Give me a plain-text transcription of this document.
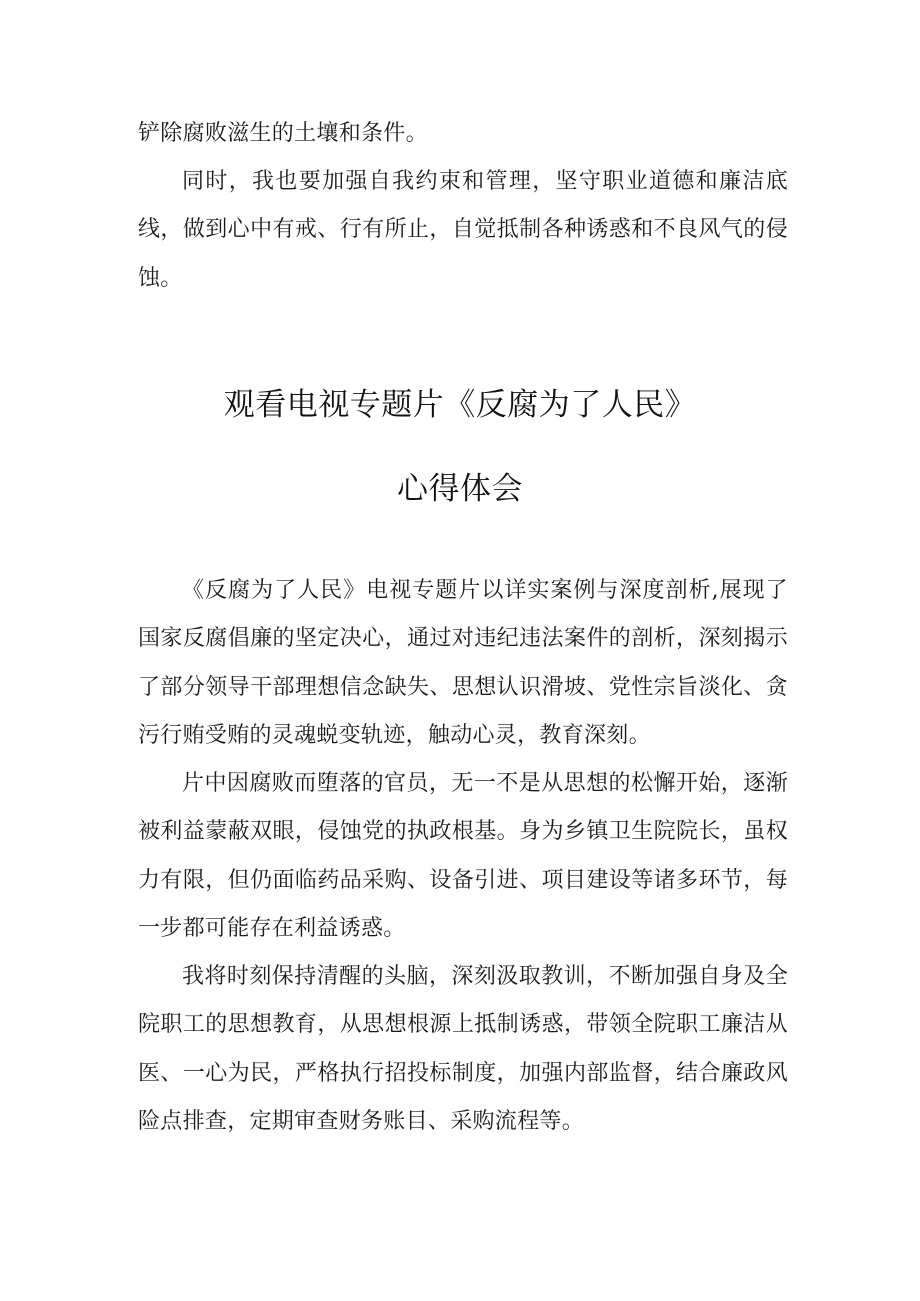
铲除腐败滋生的土壤和条件。

同时，我也要加强自我约束和管理，坚守职业道德和廉洁底线，做到心中有戒、行有所止，自觉抵制各种诱惑和不良风气的侵蚀。

观看电视专题片《反腐为了人民》
心得体会

《反腐为了人民》电视专题片以详实案例与深度剖析,展现了国家反腐倡廉的坚定决心，通过对违纪违法案件的剖析，深刻揭示了部分领导干部理想信念缺失、思想认识滑坡、党性宗旨淡化、贪污行贿受贿的灵魂蜕变轨迹，触动心灵，教育深刻。

片中因腐败而堕落的官员，无一不是从思想的松懈开始，逐渐被利益蒙蔽双眼，侵蚀党的执政根基。身为乡镇卫生院院长，虽权力有限，但仍面临药品采购、设备引进、项目建设等诸多环节，每一步都可能存在利益诱惑。

我将时刻保持清醒的头脑，深刻汲取教训，不断加强自身及全院职工的思想教育，从思想根源上抵制诱惑，带领全院职工廉洁从医、一心为民，严格执行招投标制度，加强内部监督，结合廉政风险点排查，定期审查财务账目、采购流程等。
